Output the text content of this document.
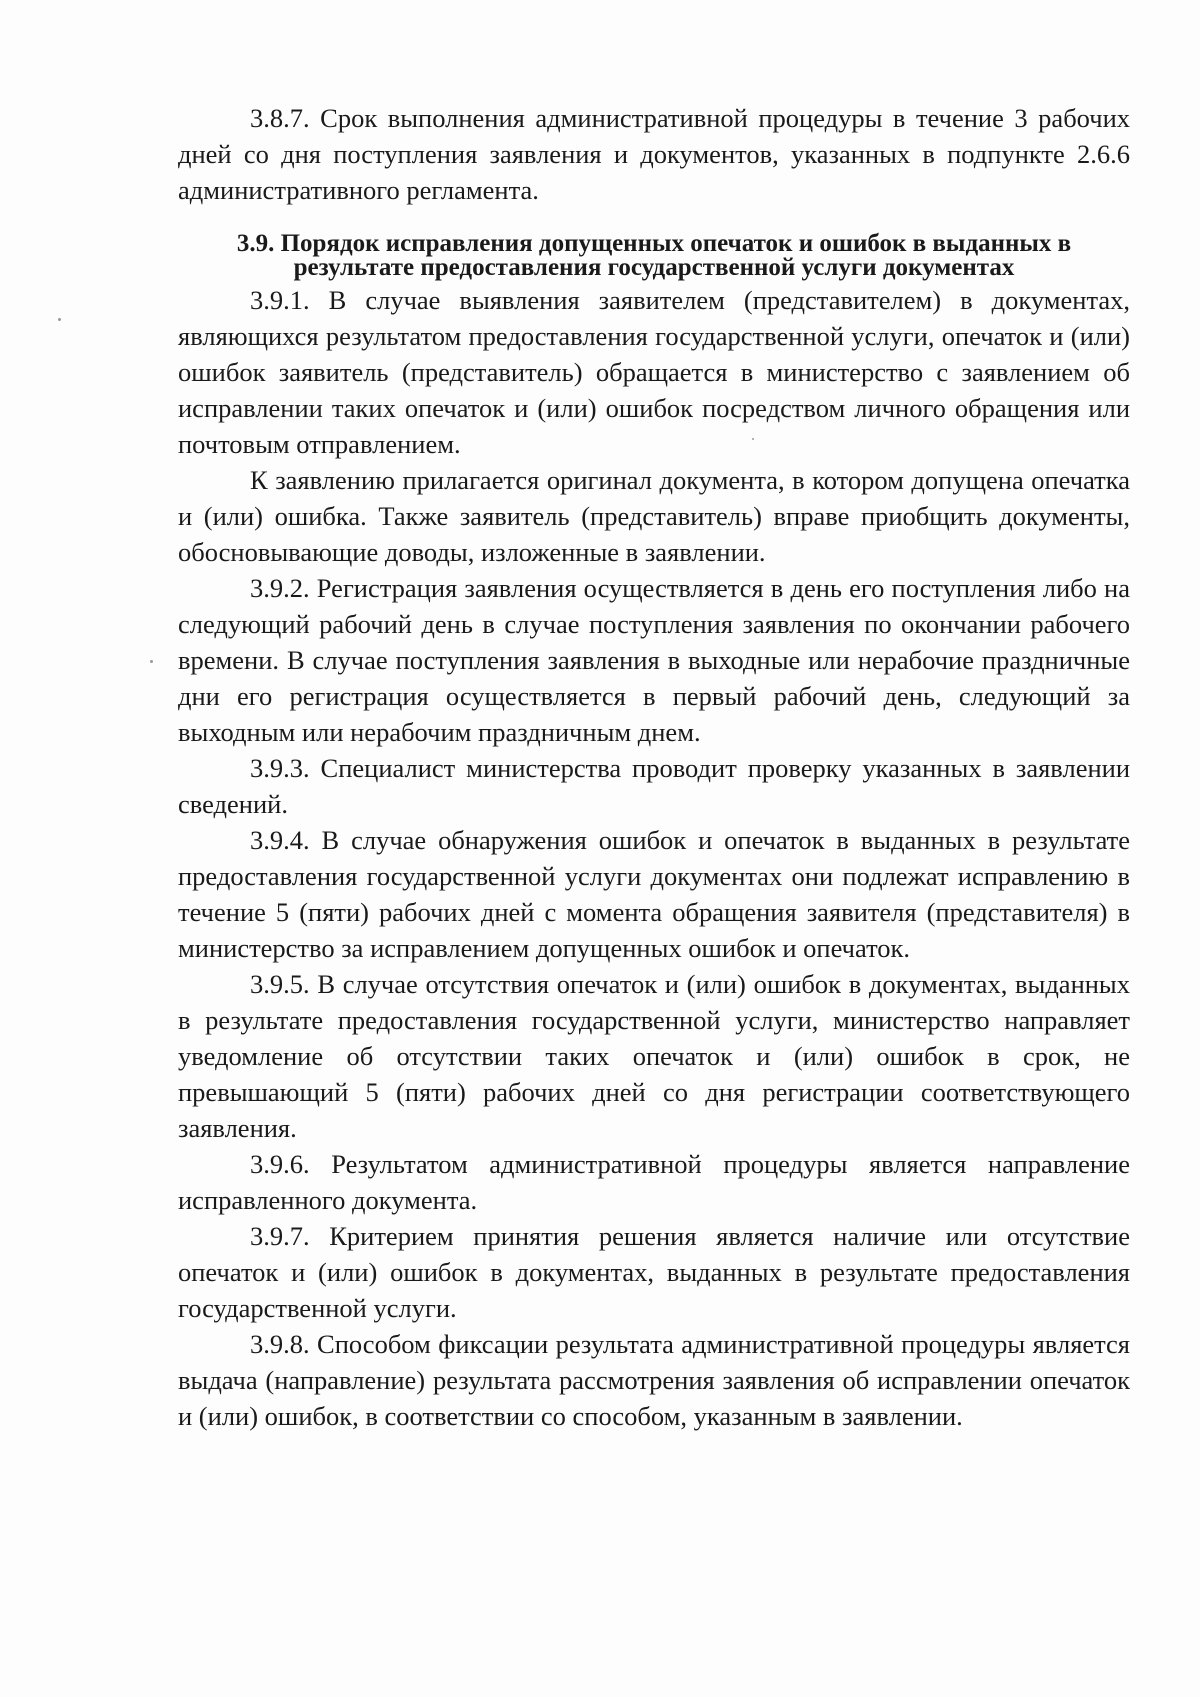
3.8.7. Срок выполнения административной процедуры в течение 3 рабочих дней со дня поступления заявления и документов, указанных в подпункте 2.6.6 административного регламента.

3.9. Порядок исправления допущенных опечаток и ошибок в выданных в результате предоставления государственной услуги документах

3.9.1. В случае выявления заявителем (представителем) в документах, являющихся результатом предоставления государственной услуги, опечаток и (или) ошибок заявитель (представитель) обращается в министерство с заявлением об исправлении таких опечаток и (или) ошибок посредством личного обращения или почтовым отправлением.

К заявлению прилагается оригинал документа, в котором допущена опечатка и (или) ошибка. Также заявитель (представитель) вправе приобщить документы, обосновывающие доводы, изложенные в заявлении.

3.9.2. Регистрация заявления осуществляется в день его поступления либо на следующий рабочий день в случае поступления заявления по окончании рабочего времени. В случае поступления заявления в выходные или нерабочие праздничные дни его регистрация осуществляется в первый рабочий день, следующий за выходным или нерабочим праздничным днем.

3.9.3. Специалист министерства проводит проверку указанных в заявлении сведений.

3.9.4. В случае обнаружения ошибок и опечаток в выданных в результате предоставления государственной услуги документах они подлежат исправлению в течение 5 (пяти) рабочих дней с момента обращения заявителя (представителя) в министерство за исправлением допущенных ошибок и опечаток.

3.9.5. В случае отсутствия опечаток и (или) ошибок в документах, выданных в результате предоставления государственной услуги, министерство направляет уведомление об отсутствии таких опечаток и (или) ошибок в срок, не превышающий 5 (пяти) рабочих дней со дня регистрации соответствующего заявления.

3.9.6. Результатом административной процедуры является направление исправленного документа.

3.9.7. Критерием принятия решения является наличие или отсутствие опечаток и (или) ошибок в документах, выданных в результате предоставления государственной услуги.

3.9.8. Способом фиксации результата административной процедуры является выдача (направление) результата рассмотрения заявления об исправлении опечаток и (или) ошибок, в соответствии со способом, указанным в заявлении.
